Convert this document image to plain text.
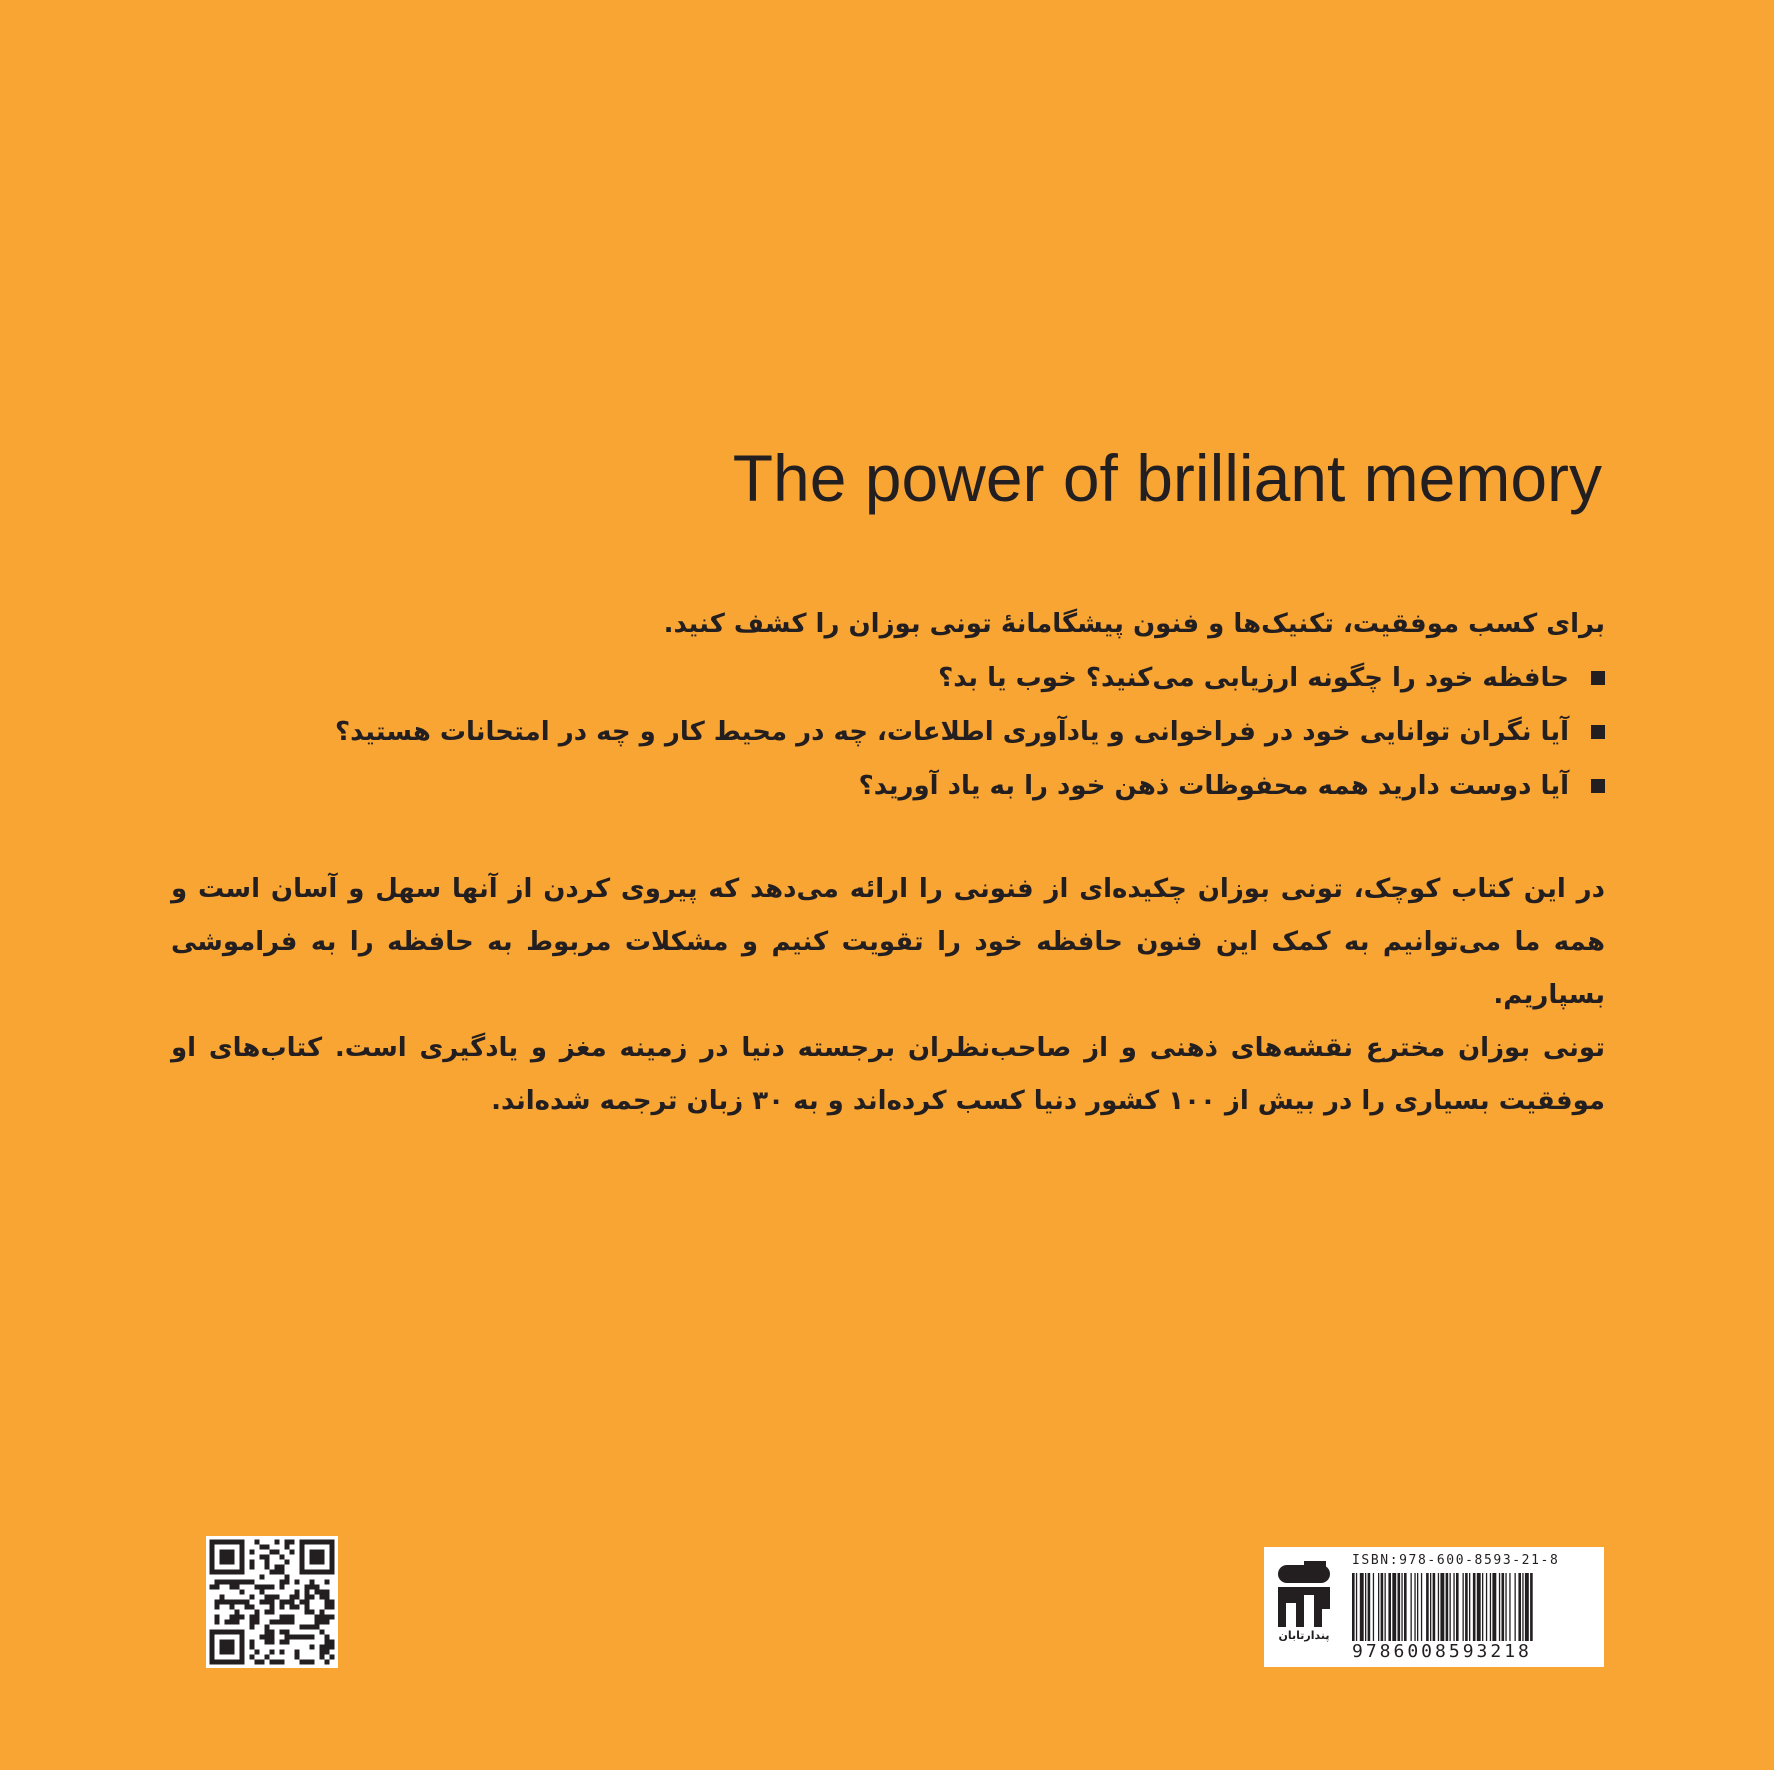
The power of brilliant memory

برای کسب موفقیت، تکنیک‌ها و فنون پیشگامانهٔ تونی بوزان را کشف کنید.

حافظه خود را چگونه ارزیابی می‌کنید؟ خوب یا بد؟
آیا نگران توانایی خود در فراخوانی و یادآوری اطلاعات، چه در محیط کار و چه در امتحانات هستید؟
آیا دوست دارید همه محفوظات ذهن خود را به یاد آورید؟

در این کتاب کوچک، تونی بوزان چکیده‌ای از فنونی را ارائه می‌دهد که پیروی کردن از آنها سهل و آسان است و همه ما می‌توانیم به کمک این فنون حافظه خود را تقویت کنیم و مشکلات مربوط به حافظه را به فراموشی بسپاریم.

تونی بوزان مخترع نقشه‌های ذهنی و از صاحب‌نظران برجسته دنیا در زمینه مغز و یادگیری است. کتاب‌های او موفقیت بسیاری را در بیش از ۱۰۰ کشور دنیا کسب کرده‌اند و به ۳۰ زبان ترجمه شده‌اند.

پندارتابان
ISBN:978-600-8593-21-8
9786008593218
